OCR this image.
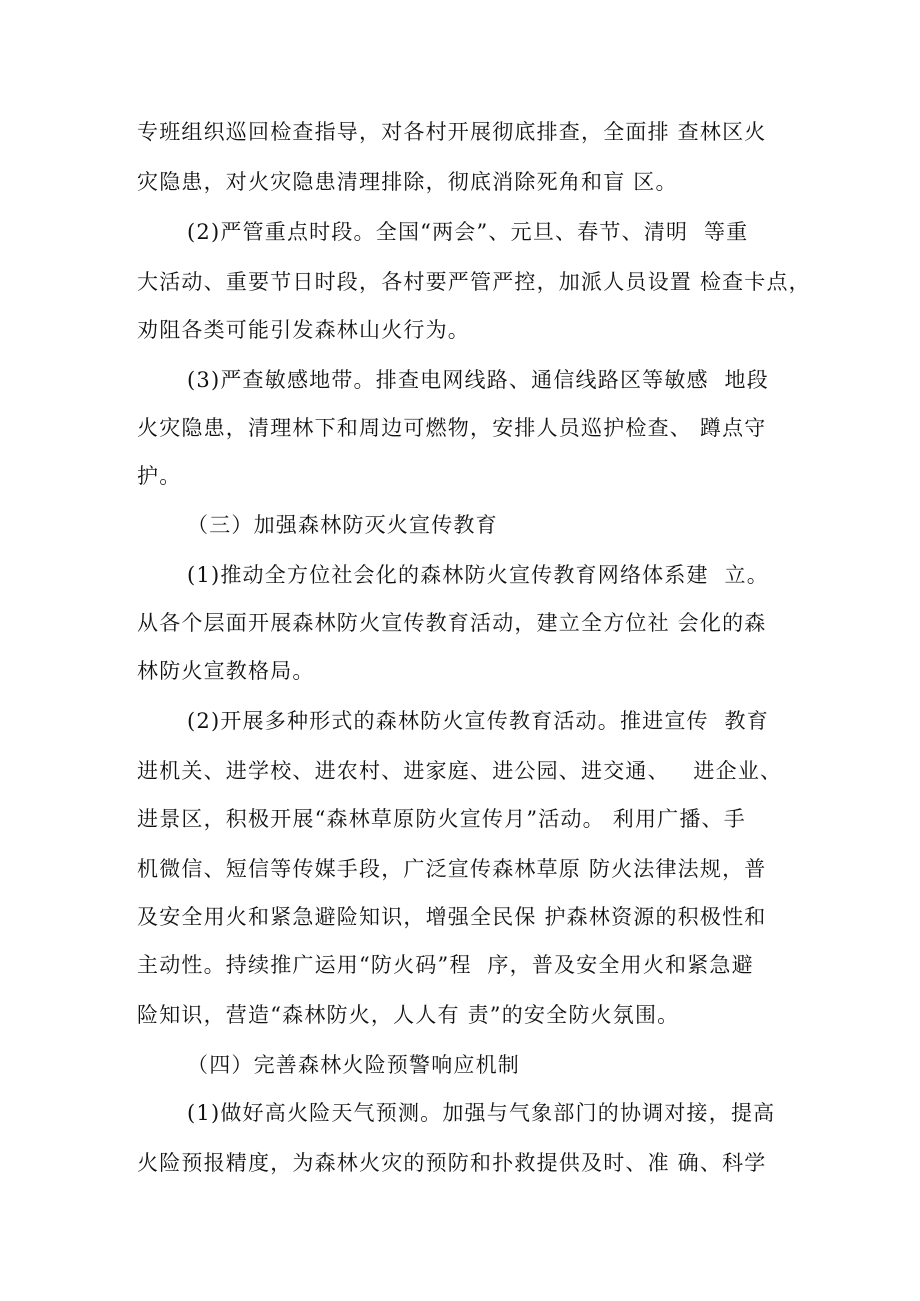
专班组织巡回检查指导，对各村开展彻底排查，全面排 查林区火
灾隐患，对火灾隐患清理排除，彻底消除死角和盲 区。
(2)严管重点时段。全国“两会”、元旦、春节、清明  等重
大活动、重要节日时段，各村要严管严控，加派人员设置 检查卡点，
劝阻各类可能引发森林山火行为。
(3)严查敏感地带。排查电网线路、通信线路区等敏感  地段
火灾隐患，清理林下和周边可燃物，安排人员巡护检查、 蹲点守
护。
（三）加强森林防灭火宣传教育
(1)推动全方位社会化的森林防火宣传教育网络体系建  立。
从各个层面开展森林防火宣传教育活动，建立全方位社 会化的森
林防火宣教格局。
(2)开展多种形式的森林防火宣传教育活动。推进宣传  教育
进机关、进学校、进农村、进家庭、进公园、进交通、   进企业、
进景区，积极开展“森林草原防火宣传月”活动。 利用广播、手
机微信、短信等传媒手段，广泛宣传森林草原 防火法律法规，普
及安全用火和紧急避险知识，增强全民保 护森林资源的积极性和
主动性。持续推广运用“防火码”程  序，普及安全用火和紧急避
险知识，营造“森林防火，人人有 责”的安全防火氛围。
（四）完善森林火险预警响应机制
(1)做好高火险天气预测。加强与气象部门的协调对接，提高
火险预报精度，为森林火灾的预防和扑救提供及时、准 确、科学
